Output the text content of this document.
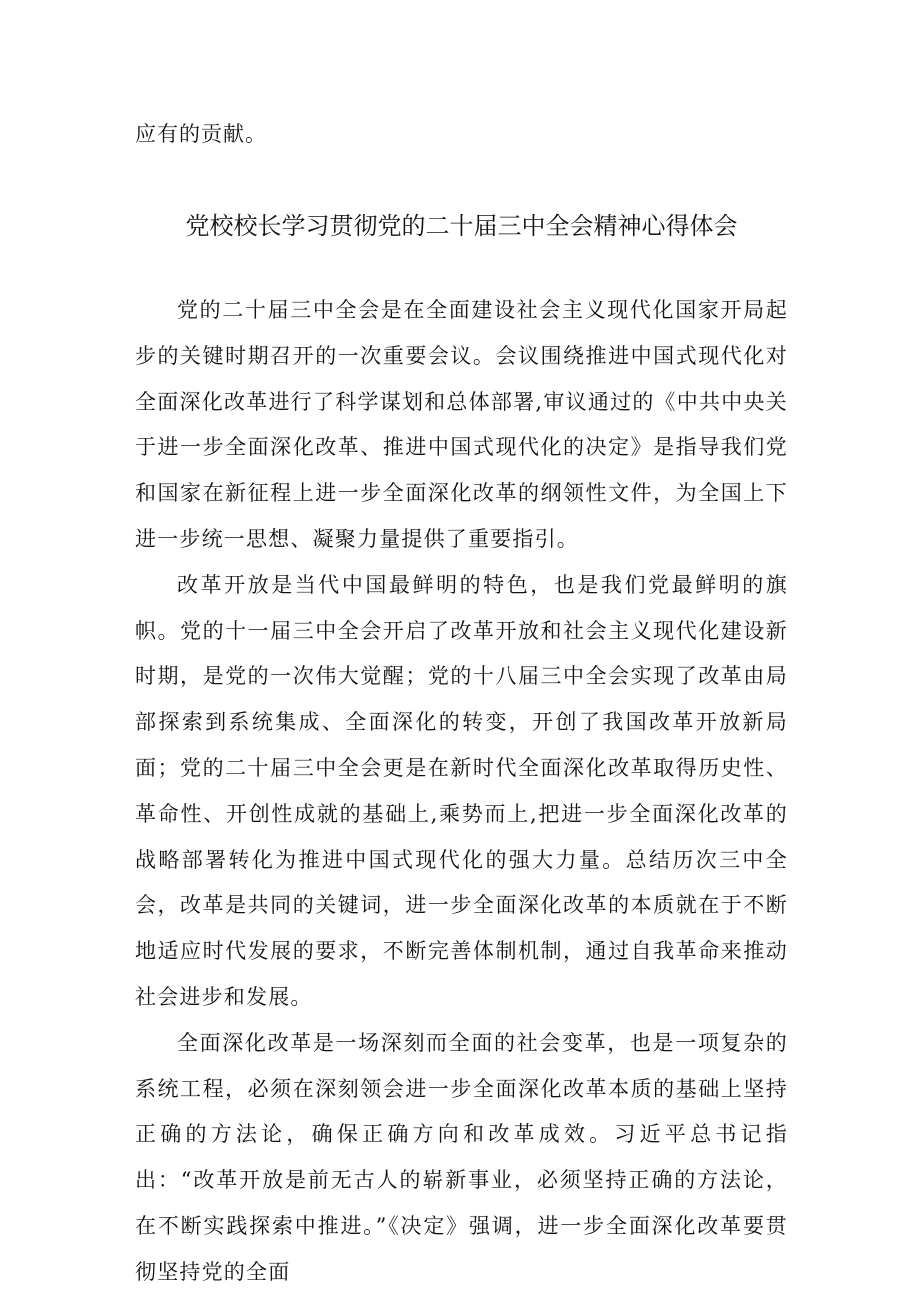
应有的贡献。

党校校长学习贯彻党的二十届三中全会精神心得体会

党的二十届三中全会是在全面建设社会主义现代化国家开局起步的关键时期召开的一次重要会议。会议围绕推进中国式现代化对全面深化改革进行了科学谋划和总体部署,审议通过的《中共中央关于进一步全面深化改革、推进中国式现代化的决定》是指导我们党和国家在新征程上进一步全面深化改革的纲领性文件，为全国上下进一步统一思想、凝聚力量提供了重要指引。

改革开放是当代中国最鲜明的特色，也是我们党最鲜明的旗帜。党的十一届三中全会开启了改革开放和社会主义现代化建设新时期，是党的一次伟大觉醒；党的十八届三中全会实现了改革由局部探索到系统集成、全面深化的转变，开创了我国改革开放新局面；党的二十届三中全会更是在新时代全面深化改革取得历史性、革命性、开创性成就的基础上,乘势而上,把进一步全面深化改革的战略部署转化为推进中国式现代化的强大力量。总结历次三中全会，改革是共同的关键词，进一步全面深化改革的本质就在于不断地适应时代发展的要求，不断完善体制机制，通过自我革命来推动社会进步和发展。

全面深化改革是一场深刻而全面的社会变革，也是一项复杂的系统工程，必须在深刻领会进一步全面深化改革本质的基础上坚持正确的方法论，确保正确方向和改革成效。习近平总书记指出：“改革开放是前无古人的崭新事业，必须坚持正确的方法论，在不断实践探索中推进。”《决定》强调，进一步全面深化改革要贯彻坚持党的全面
